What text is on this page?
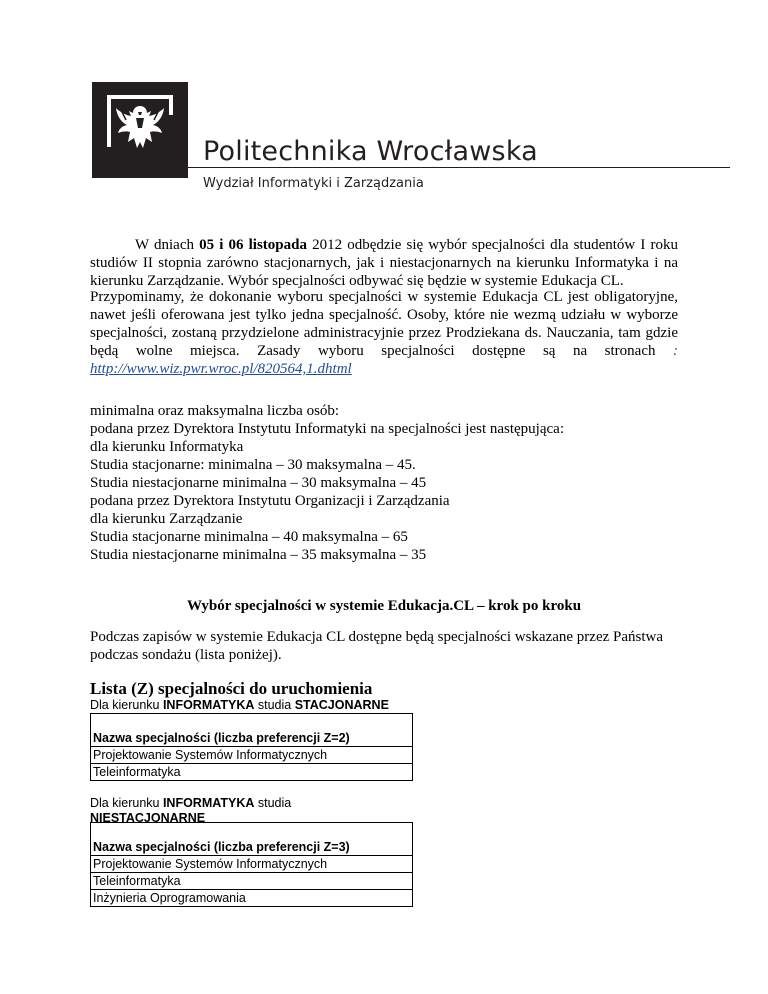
Politechnika Wrocławska
Wydział Informatyki i Zarządzania
W dniach 05 i 06 listopada 2012 odbędzie się wybór specjalności dla studentów I roku studiów II stopnia zarówno stacjonarnych, jak i niestacjonarnych na kierunku Informatyka i na kierunku Zarządzanie. Wybór specjalności odbywać się będzie w systemie Edukacja CL.
Przypominamy, że dokonanie wyboru specjalności w systemie Edukacja CL jest obligatoryjne, nawet jeśli oferowana jest tylko jedna specjalność. Osoby, które nie wezmą udziału w wyborze specjalności, zostaną przydzielone administracyjnie przez Prodziekana ds. Nauczania, tam gdzie będą wolne miejsca. Zasady wyboru specjalności dostępne są na stronach : http://www.wiz.pwr.wroc.pl/820564,1.dhtml
minimalna oraz maksymalna liczba osób:
podana przez Dyrektora Instytutu Informatyki na specjalności jest następująca:
dla kierunku Informatyka
Studia stacjonarne: minimalna – 30 maksymalna – 45.
Studia niestacjonarne minimalna – 30 maksymalna – 45
podana przez Dyrektora Instytutu Organizacji i Zarządzania
dla kierunku Zarządzanie
Studia stacjonarne minimalna – 40 maksymalna – 65
Studia niestacjonarne minimalna – 35 maksymalna – 35
Wybór specjalności w systemie Edukacja.CL – krok po kroku
Podczas zapisów w systemie Edukacja CL dostępne będą specjalności wskazane przez Państwa podczas sondażu (lista poniżej).
Lista (Z) specjalności do uruchomienia
Dla kierunku INFORMATYKA studia STACJONARNE

Nazwa specjalności (liczba preferencji Z=2)
Projektowanie Systemów Informatycznych
Teleinformatyka
Dla kierunku INFORMATYKA studia
NIESTACJONARNE

Nazwa specjalności (liczba preferencji Z=3)
Projektowanie Systemów Informatycznych
Teleinformatyka
Inżynieria Oprogramowania
